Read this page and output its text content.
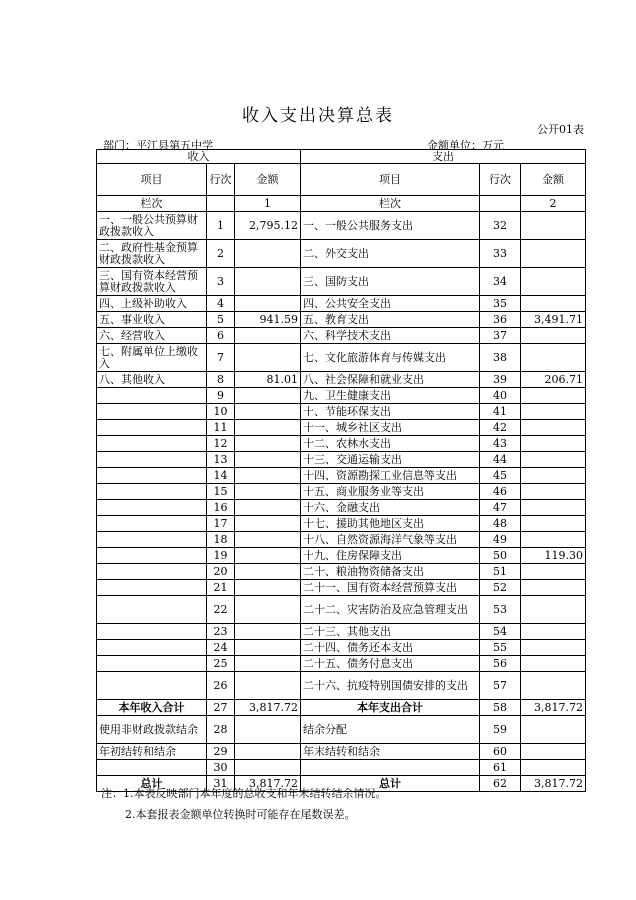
收入支出决算总表
公开01表
部门：平江县第五中学	金额单位：万元
收入			支出		
项目	行次	金额	项目	行次	金额
栏次		1	栏次		2
一、一般公共预算财政拨款收入	1	2,795.12	一、一般公共服务支出	32	
二、政府性基金预算财政拨款收入	2		二、外交支出	33	
三、国有资本经营预算财政拨款收入	3		三、国防支出	34	
四、上级补助收入	4		四、公共安全支出	35	
五、事业收入	5	941.59	五、教育支出	36	3,491.71
六、经营收入	6		六、科学技术支出	37	
七、附属单位上缴收入	7		七、文化旅游体育与传媒支出	38	
八、其他收入	8	81.01	八、社会保障和就业支出	39	206.71
	9		九、卫生健康支出	40	
	10		十、节能环保支出	41	
	11		十一、城乡社区支出	42	
	12		十二、农林水支出	43	
	13		十三、交通运输支出	44	
	14		十四、资源勘探工业信息等支出	45	
	15		十五、商业服务业等支出	46	
	16		十六、金融支出	47	
	17		十七、援助其他地区支出	48	
	18		十八、自然资源海洋气象等支出	49	
	19		十九、住房保障支出	50	119.30
	20		二十、粮油物资储备支出	51	
	21		二十一、国有资本经营预算支出	52	
	22		二十二、灾害防治及应急管理支出	53	
	23		二十三、其他支出	54	
	24		二十四、债务还本支出	55	
	25		二十五、债务付息支出	56	
	26		二十六、抗疫特别国债安排的支出	57	
本年收入合计	27	3,817.72	本年支出合计	58	3,817.72
使用非财政拨款结余	28		结余分配	59	
年初结转和结余	29		年末结转和结余	60	
	30			61	
总计	31	3,817.72	总计	62	3,817.72
注：1.本表反映部门本年度的总收支和年末结转结余情况。
2.本套报表金额单位转换时可能存在尾数误差。
